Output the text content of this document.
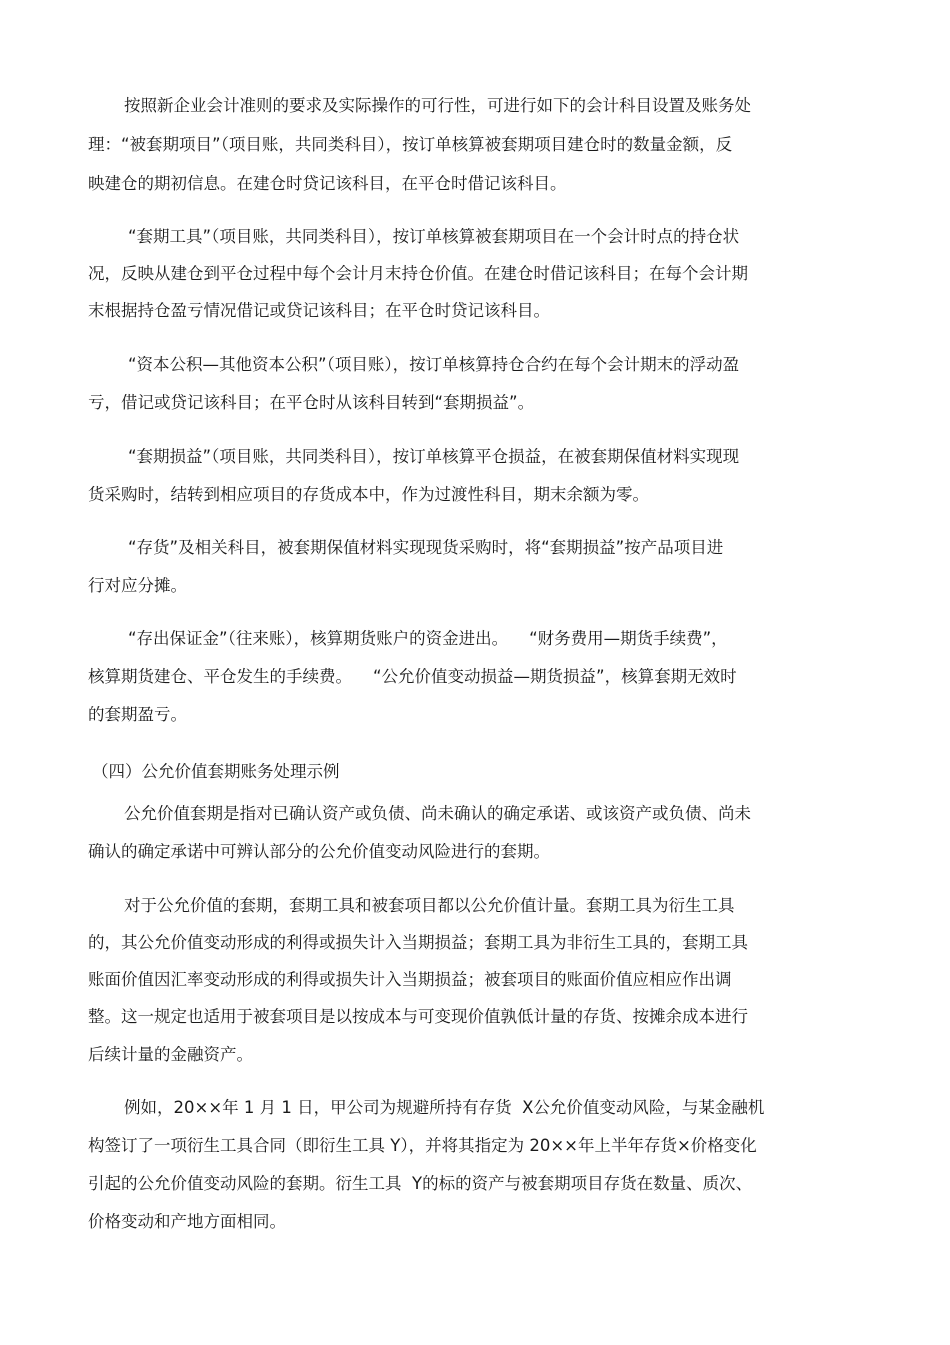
按照新企业会计准则的要求及实际操作的可行性，可进行如下的会计科目设置及账务处
理：“被套期项目”（项目账，共同类科目），按订单核算被套期项目建仓时的数量金额，反
映建仓的期初信息。在建仓时贷记该科目，在平仓时借记该科目。
“套期工具”（项目账，共同类科目），按订单核算被套期项目在一个会计时点的持仓状
况，反映从建仓到平仓过程中每个会计月末持仓价值。在建仓时借记该科目；在每个会计期
末根据持仓盈亏情况借记或贷记该科目；在平仓时贷记该科目。
“资本公积—其他资本公积”（项目账），按订单核算持仓合约在每个会计期末的浮动盈
亏，借记或贷记该科目；在平仓时从该科目转到“套期损益”。
“套期损益”（项目账，共同类科目），按订单核算平仓损益，在被套期保值材料实现现
货采购时，结转到相应项目的存货成本中，作为过渡性科目，期末余额为零。
“存货”及相关科目，被套期保值材料实现现货采购时，将“套期损益”按产品项目进
行对应分摊。
“存出保证金”（往来账），核算期货账户的资金进出。    “财务费用—期货手续费”，
核算期货建仓、平仓发生的手续费。    “公允价值变动损益—期货损益”，核算套期无效时
的套期盈亏。
（四）公允价值套期账务处理示例
公允价值套期是指对已确认资产或负债、尚未确认的确定承诺、或该资产或负债、尚未
确认的确定承诺中可辨认部分的公允价值变动风险进行的套期。
对于公允价值的套期，套期工具和被套项目都以公允价值计量。套期工具为衍生工具
的，其公允价值变动形成的利得或损失计入当期损益；套期工具为非衍生工具的，套期工具
账面价值因汇率变动形成的利得或损失计入当期损益；被套项目的账面价值应相应作出调
整。这一规定也适用于被套项目是以按成本与可变现价值孰低计量的存货、按摊余成本进行
后续计量的金融资产。
例如，20××年 1 月 1 日，甲公司为规避所持有存货  X公允价值变动风险，与某金融机
构签订了一项衍生工具合同（即衍生工具 Y），并将其指定为 20××年上半年存货×价格变化
引起的公允价值变动风险的套期。衍生工具  Y的标的资产与被套期项目存货在数量、质次、
价格变动和产地方面相同。
